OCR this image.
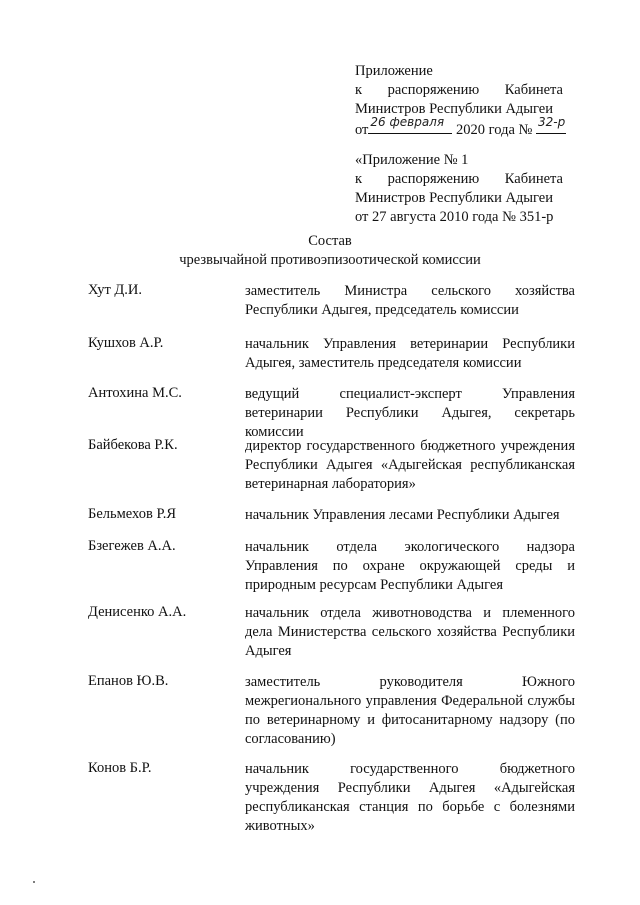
Приложение
к распоряжению Кабинета
Министров Республики Адыгеи
от 26 февраля 2020 года № 32-р
«Приложение № 1
к распоряжению Кабинета
Министров Республики Адыгеи
от 27 августа 2010 года № 351-р
Состав
чрезвычайной противоэпизоотической комиссии
Хут Д.И.	заместитель Министра сельского хозяйства Республики Адыгея, председатель комиссии
Кушхов А.Р.	начальник Управления ветеринарии Республики Адыгея, заместитель председателя комиссии
Антохина М.С.	ведущий специалист-эксперт Управления ветеринарии Республики Адыгея, секретарь комиссии
Байбекова Р.К.	директор государственного бюджетного учреждения Республики Адыгея «Адыгейская республиканская ветеринарная лаборатория»
Бельмехов Р.Я	начальник Управления лесами Республики Адыгея
Бзегежев А.А.	начальник отдела экологического надзора Управления по охране окружающей среды и природным ресурсам Республики Адыгея
Денисенко А.А.	начальник отдела животноводства и племенного дела Министерства сельского хозяйства Республики Адыгея
Епанов Ю.В.	заместитель руководителя Южного межрегионального управления Федеральной службы по ветеринарному и фитосанитарному надзору (по согласованию)
Конов Б.Р.	начальник государственного бюджетного учреждения Республики Адыгея «Адыгейская республиканская станция по борьбе с болезнями животных»
